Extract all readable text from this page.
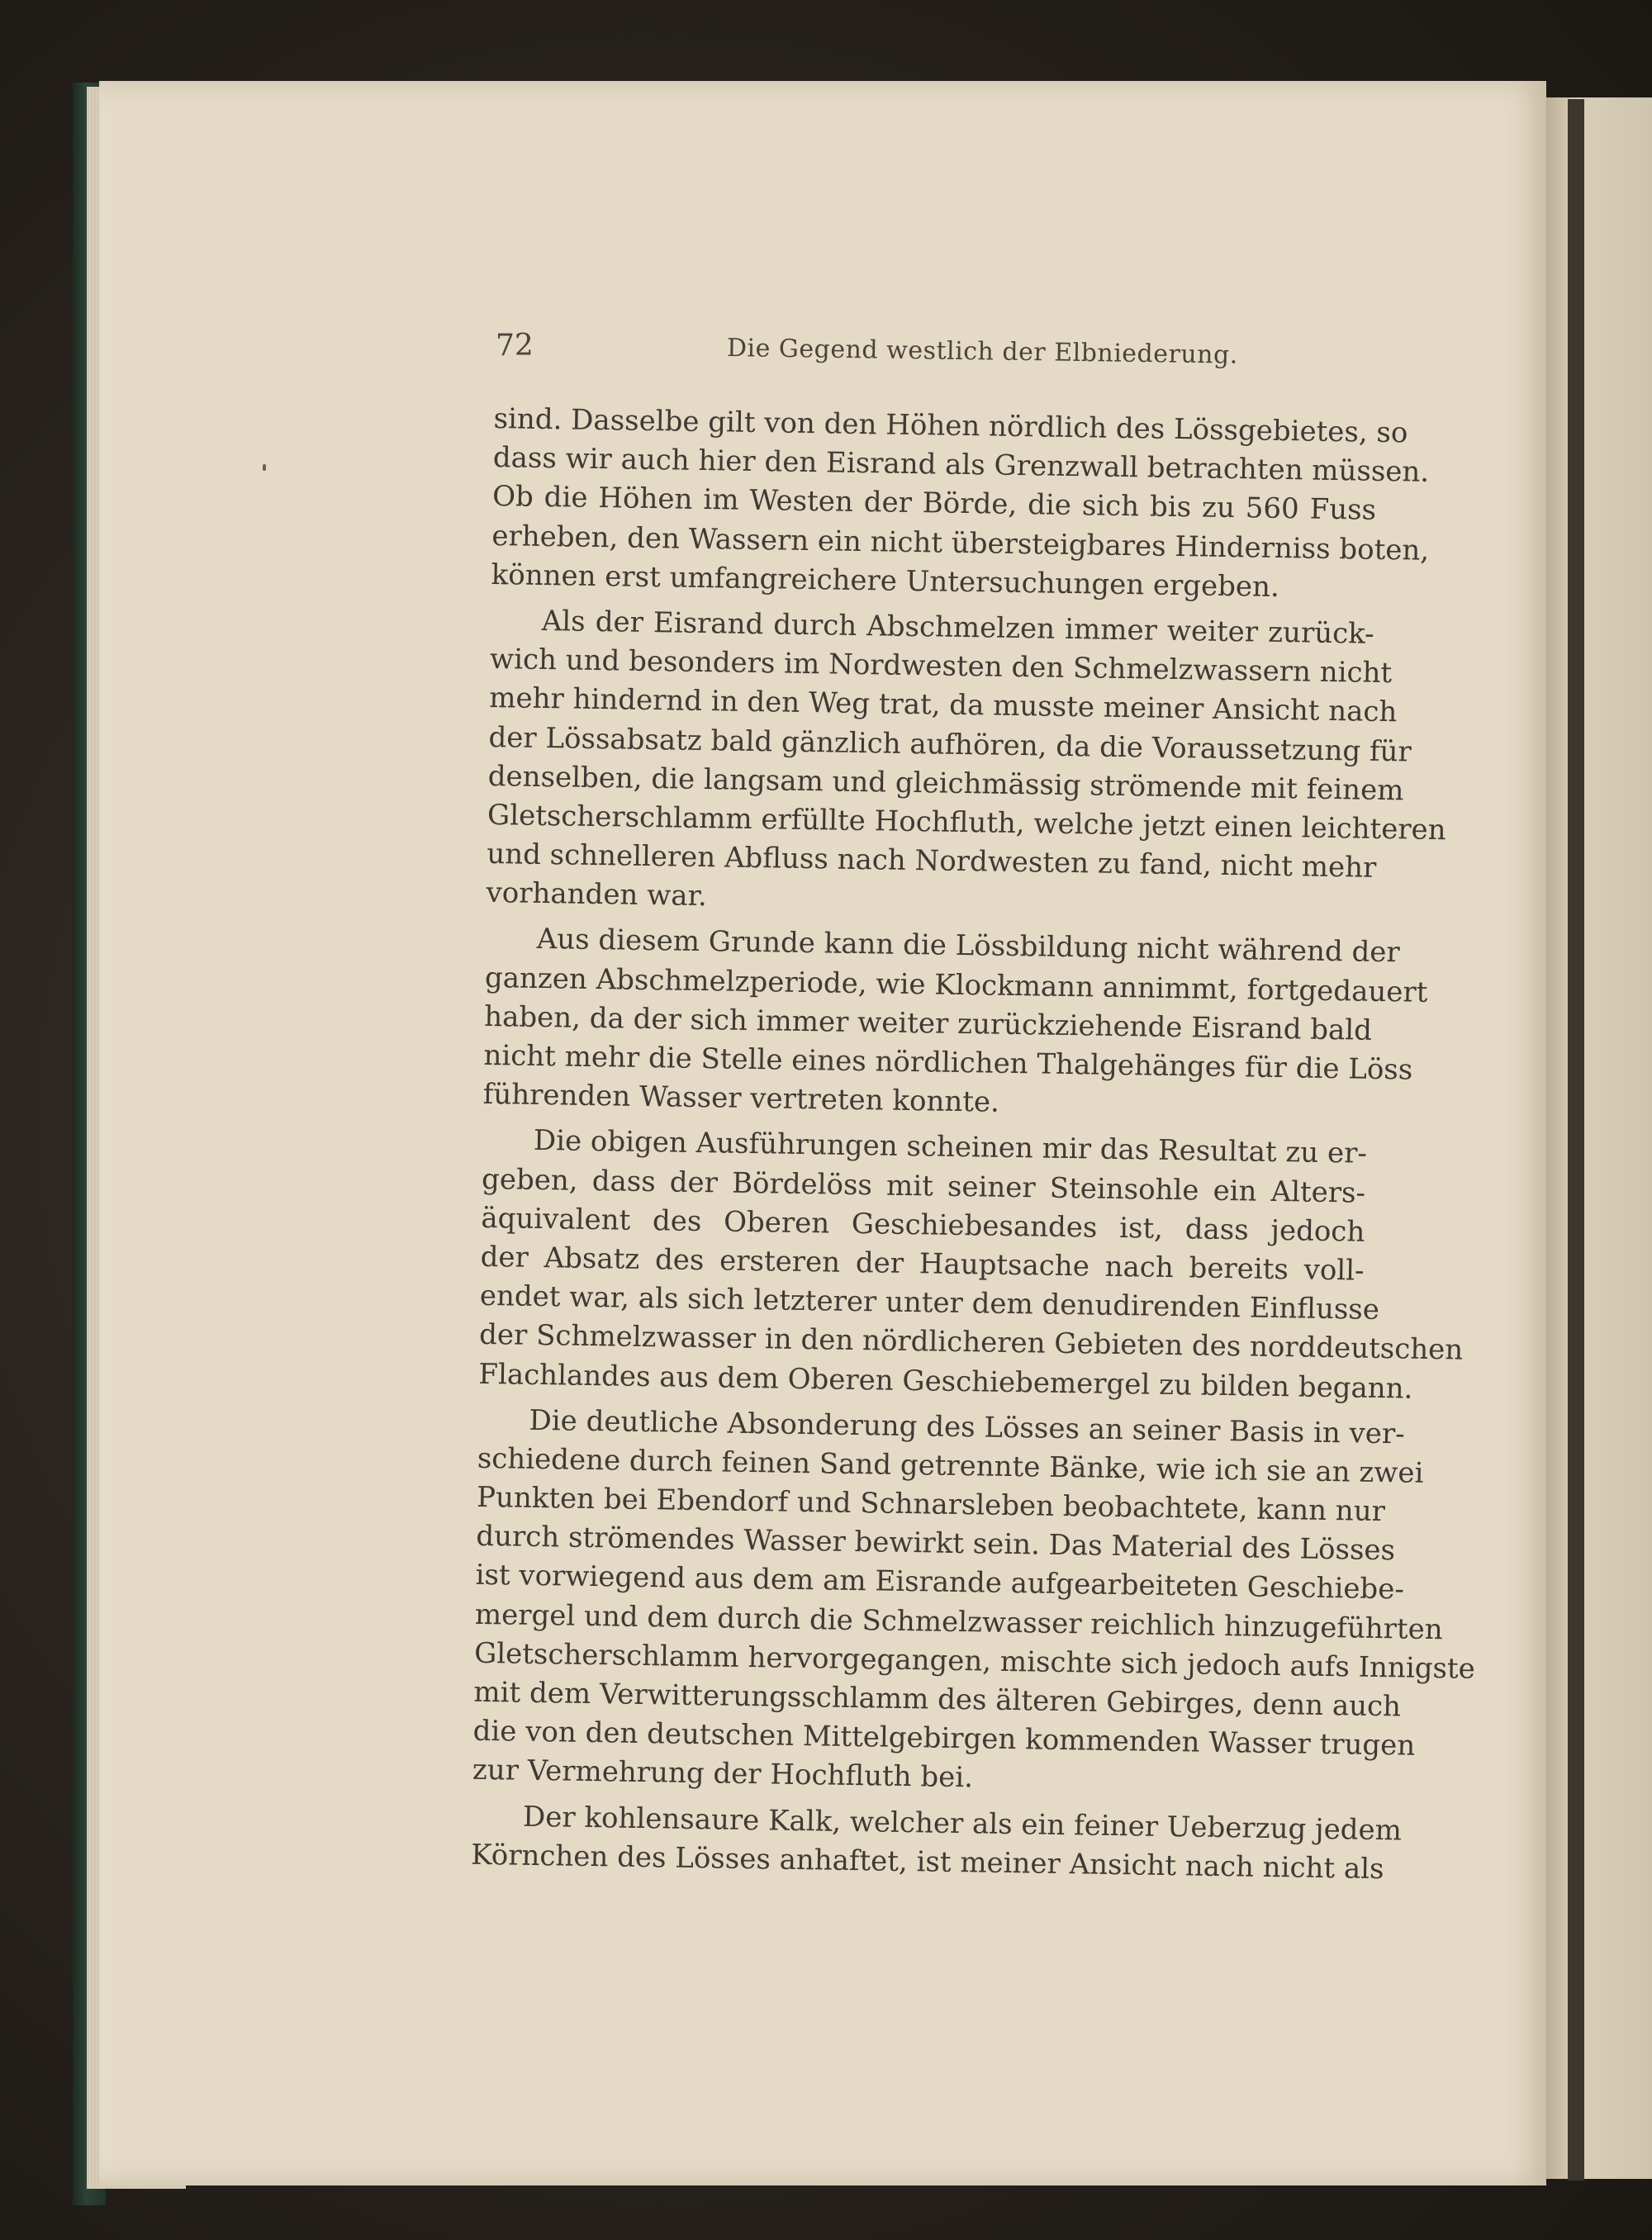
72	Die Gegend westlich der Elbniederung.
sind. Dasselbe gilt von den Höhen nördlich des Lössgebietes, so
dass wir auch hier den Eisrand als Grenzwall betrachten müssen.
Ob die Höhen im Westen der Börde, die sich bis zu 560 Fuss
erheben, den Wassern ein nicht übersteigbares Hinderniss boten,
können erst umfangreichere Untersuchungen ergeben.
Als der Eisrand durch Abschmelzen immer weiter zurück-
wich und besonders im Nordwesten den Schmelzwassern nicht
mehr hindernd in den Weg trat, da musste meiner Ansicht nach
der Lössabsatz bald gänzlich aufhören, da die Voraussetzung für
denselben, die langsam und gleichmässig strömende mit feinem
Gletscherschlamm erfüllte Hochfluth, welche jetzt einen leichteren
und schnelleren Abfluss nach Nordwesten zu fand, nicht mehr
vorhanden war.
Aus diesem Grunde kann die Lössbildung nicht während der
ganzen Abschmelzperiode, wie Klockmann annimmt, fortgedauert
haben, da der sich immer weiter zurückziehende Eisrand bald
nicht mehr die Stelle eines nördlichen Thalgehänges für die Löss
führenden Wasser vertreten konnte.
Die obigen Ausführungen scheinen mir das Resultat zu er-
geben, dass der Bördelöss mit seiner Steinsohle ein Alters-
äquivalent des Oberen Geschiebesandes ist, dass jedoch
der Absatz des ersteren der Hauptsache nach bereits voll-
endet war, als sich letzterer unter dem denudirenden Einflusse
der Schmelzwasser in den nördlicheren Gebieten des norddeutschen
Flachlandes aus dem Oberen Geschiebemergel zu bilden begann.
Die deutliche Absonderung des Lösses an seiner Basis in ver-
schiedene durch feinen Sand getrennte Bänke, wie ich sie an zwei
Punkten bei Ebendorf und Schnarsleben beobachtete, kann nur
durch strömendes Wasser bewirkt sein. Das Material des Lösses
ist vorwiegend aus dem am Eisrande aufgearbeiteten Geschiebe-
mergel und dem durch die Schmelzwasser reichlich hinzugeführten
Gletscherschlamm hervorgegangen, mischte sich jedoch aufs Innigste
mit dem Verwitterungsschlamm des älteren Gebirges, denn auch
die von den deutschen Mittelgebirgen kommenden Wasser trugen
zur Vermehrung der Hochfluth bei.
Der kohlensaure Kalk, welcher als ein feiner Ueberzug jedem
Körnchen des Lösses anhaftet, ist meiner Ansicht nach nicht als
